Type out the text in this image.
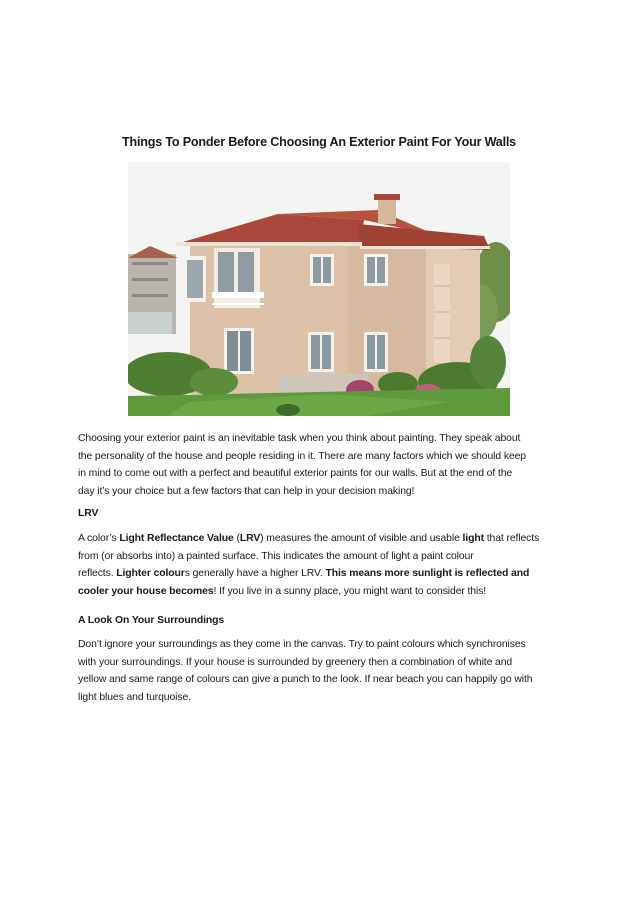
Things To Ponder Before Choosing An Exterior Paint For Your Walls

Choosing your exterior paint is an inevitable task when you think about painting. They speak about

the personality of the house and people residing in it. There are many factors which we should keep

in mind to come out with a perfect and beautiful exterior paints for our walls. But at the end of the

day it’s your choice but a few factors that can help in your decision making!

LRV

A color’s Light Reflectance Value (LRV) measures the amount of visible and usable light that reflects

from (or absorbs into) a painted surface. This indicates the amount of light a paint colour

reflects. Lighter colours generally have a higher LRV. This means more sunlight is reflected and

cooler your house becomes! If you live in a sunny place, you might want to consider this!

A Look On Your Surroundings

Don’t ignore your surroundings as they come in the canvas. Try to paint colours which synchronises

with your surroundings. If your house is surrounded by greenery then a combination of white and

yellow and same range of colours can give a punch to the look. If near beach you can happily go with

light blues and turquoise.
